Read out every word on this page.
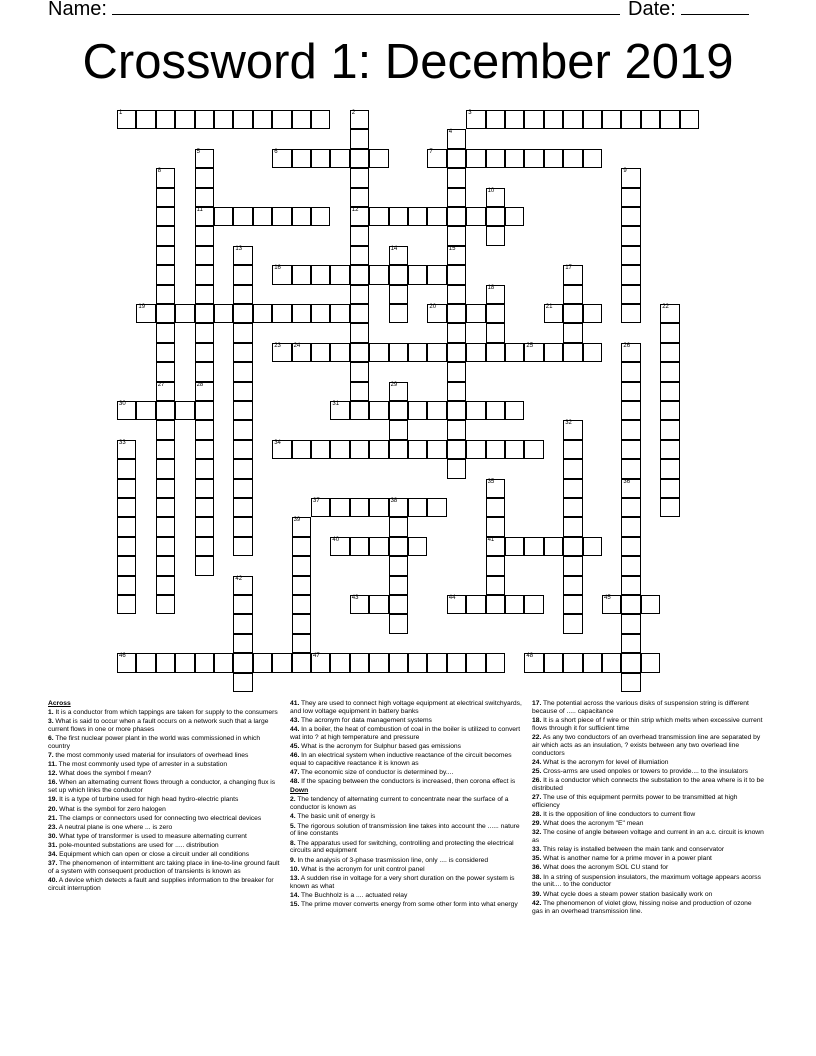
Name:	Date:
Crossword 1: December 2019
1	2
12
3
4
15
5
11
6	7
8
27
9
10
13	14
16	17
18
19	20	21	22
23 24	25	26
36
28	29
30	31
32
33	34
35
41
37	38
39
40
42
43	44	45
46	47	48

Across

1. It is a conductor from which tappings are taken for supply to the consumers

3. What is said to occur when a fault occurs on a network such that a large current flows in one or more phases

6. The first nuclear power plant in the world was commissioned in which country

7. the most commonly used material for insulators of overhead lines

11. The most commonly used type of arrester in a substation

12. What does the symbol f mean?

16. When an alternating current flows through a conductor, a changing flux is set up which links the conductor

19. It is a type of turbine used for high head hydro-electric plants

20. What is the symbol for zero halogen

21. The clamps or connectors used for connecting two electrical devices

23. A neutral plane is one where ... is zero

30. What type of transformer is used to measure alternating current

31. pole-mounted substations are used for ..... distribution

34. Equipment which can open or close a circuit under all conditions

37. The phenomenon of intermittent arc taking place in line-to-line ground fault of a system with consequent production of transients is known as

40. A device which detects a fault and supplies information to the breaker for circuit interruption

41. They are used to connect high voltage equipment at electrical switchyards, and low voltage equipment in battery banks

43. The acronym for data management systems

44. In a boiler, the heat of combustion of coal in the boiler is utilized to convert wat into ? at high temperature and pressure

45. What is the acronym for Sulphur based gas emissions

46. In an electrical system when inductive reactance of the circuit becomes equal to capacitive reactance it is known as

47. The economic size of conductor is determined by....

48. If the spacing between the conductors is increased, then corona effect is

Down

2. The tendency of alternating current to concentrate near the surface of a conductor is known as

4. The basic unit of energy is

5. The rigorous solution of transmission line takes into account the ...... nature of line constants

8. The apparatus used for switching, controlling and protecting the electrical circuits and equipment

9. In the analysis of 3-phase trasmission line, only .... is considered

10. What is the acronym for unit control panel

13. A sudden rise in voltage for a very short duration on the power system is known as what

14. The Buchholz is a .... actuated relay

15. The prime mover converts energy from some other form into what energy

17. The potential across the various disks of suspension string is different because of ..... capacitance

18. It is a short piece of f wire or thin strip which melts when excessive current flows through it for sufficient time

22. As any two conductors of an overhead transmission line are separated by air which acts as an insulation, ? exists between any two overlead line conductors

24. What is the acronym for level of illumiation

25. Cross-arms are used onpoles or towers to provide.... to the insulators

26. It is a conductor which connects the substation to the area where is it to be distributed

27. The use of this equipment permits power to be transmitted at high efficiency

28. It is the opposition of line conductors to current flow

29. What does the acronym "E" mean

32. The cosine of angle between voltage and current in an a.c. circuit is known as

33. This relay is installed between the main tank and conservator

35. What is another name for a prime mover in a power plant

36. What does the acronym SOL CU stand for

38. In a string of suspension insulators, the maximum voltage appears acorss the unit.... to the conductor

39. What cycle does a steam power station basically work on

42. The phenomenon of violet glow, hissing noise and production of ozone gas in an overhead transmission line.
